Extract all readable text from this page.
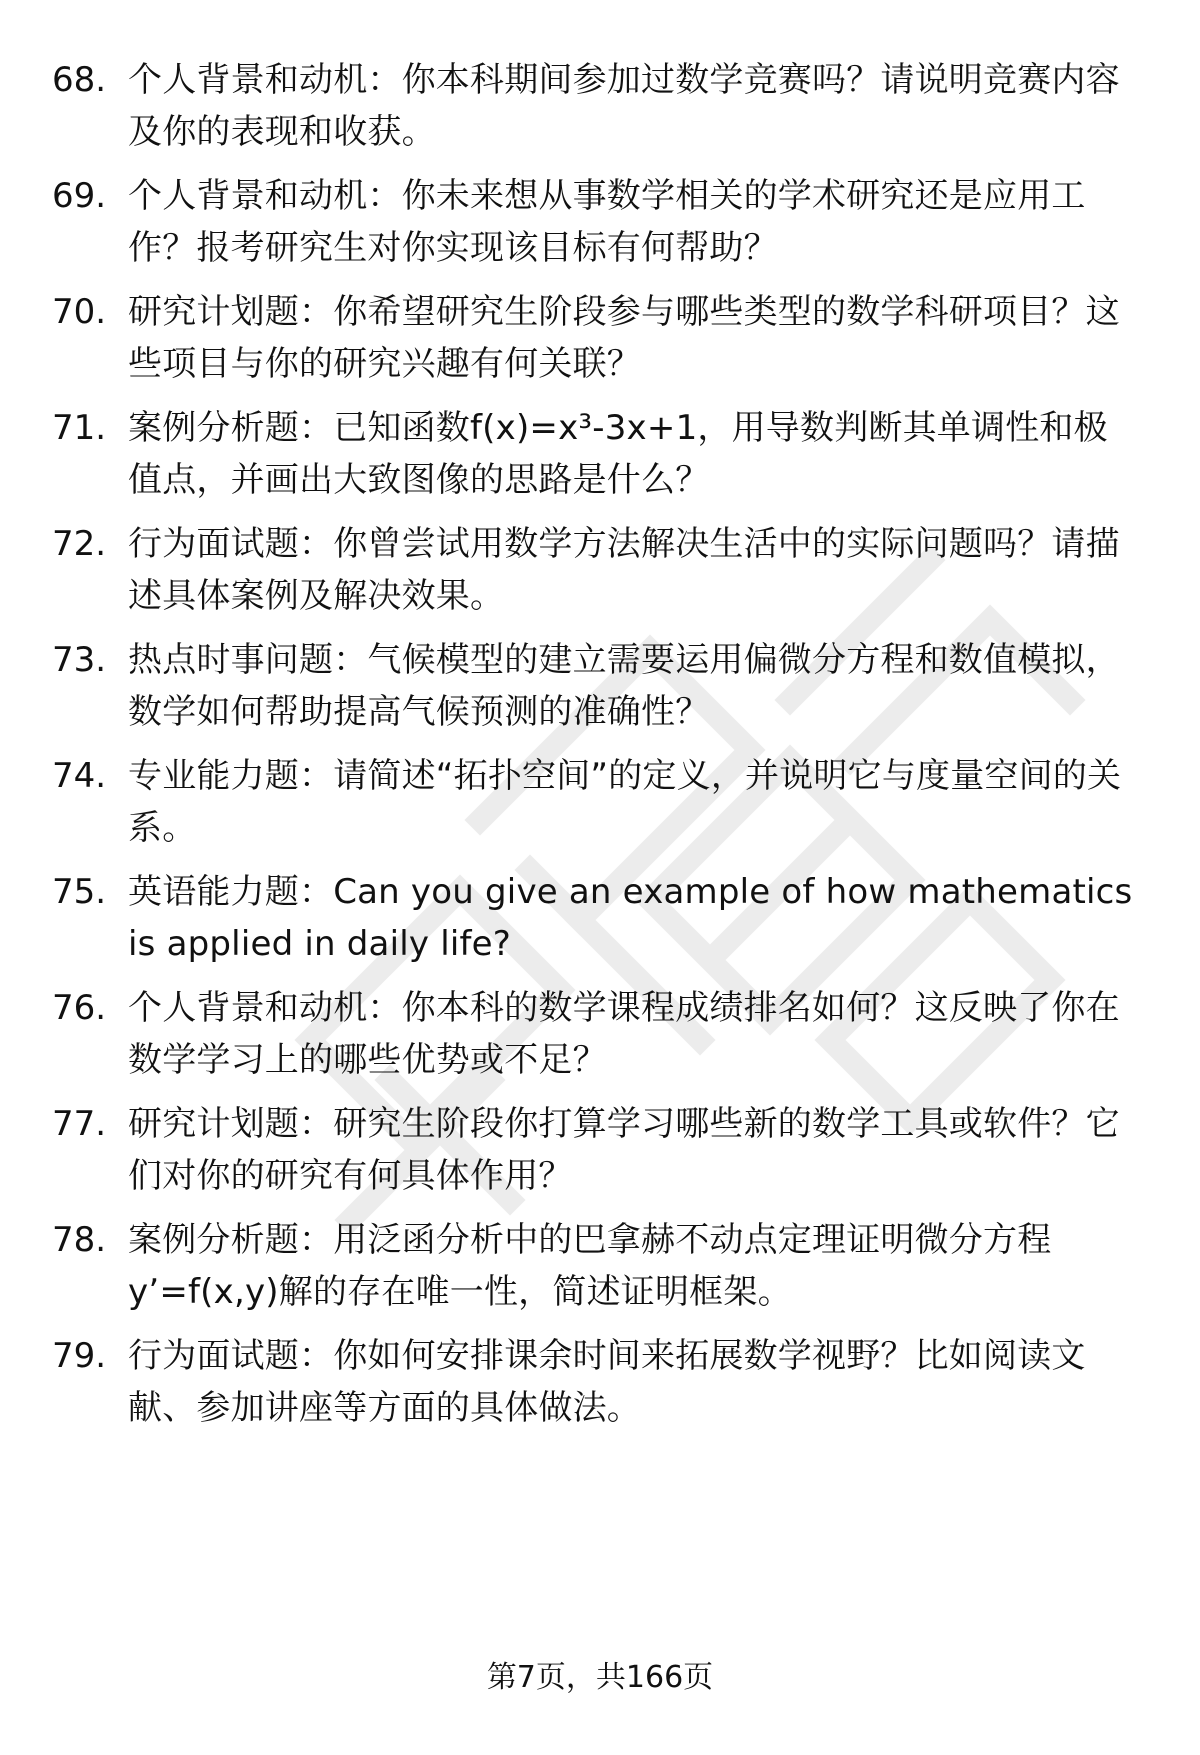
68. 个人背景和动机：你本科期间参加过数学竞赛吗？请说明竞赛内容及你的表现和收获。
69. 个人背景和动机：你未来想从事数学相关的学术研究还是应用工作？报考研究生对你实现该目标有何帮助？
70. 研究计划题：你希望研究生阶段参与哪些类型的数学科研项目？这些项目与你的研究兴趣有何关联？
71. 案例分析题：已知函数f(x)=x³-3x+1，用导数判断其单调性和极值点，并画出大致图像的思路是什么？
72. 行为面试题：你曾尝试用数学方法解决生活中的实际问题吗？请描述具体案例及解决效果。
73. 热点时事问题：气候模型的建立需要运用偏微分方程和数值模拟，数学如何帮助提高气候预测的准确性？
74. 专业能力题：请简述“拓扑空间”的定义，并说明它与度量空间的关系。
75. 英语能力题：Can you give an example of how mathematics is applied in daily life?
76. 个人背景和动机：你本科的数学课程成绩排名如何？这反映了你在数学学习上的哪些优势或不足？
77. 研究计划题：研究生阶段你打算学习哪些新的数学工具或软件？它们对你的研究有何具体作用？
78. 案例分析题：用泛函分析中的巴拿赫不动点定理证明微分方程y’=f(x,y)解的存在唯一性，简述证明框架。
79. 行为面试题：你如何安排课余时间来拓展数学视野？比如阅读文献、参加讲座等方面的具体做法。
第7页，共166页
